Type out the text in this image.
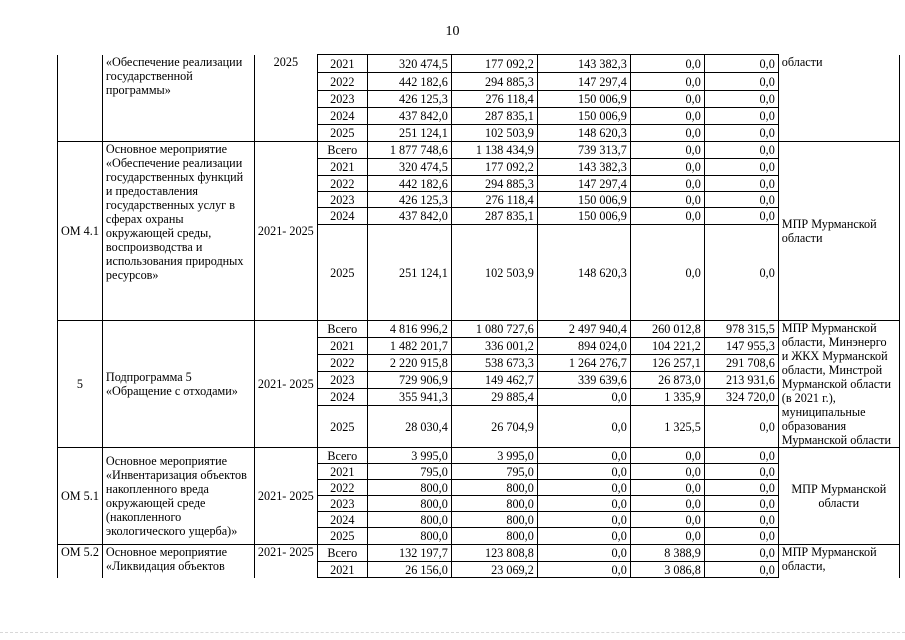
10
	«Обеспечение реализации государственной программы»	2025	2021	320 474,5	177 092,2	143 382,3	0,0	0,0	области
			2022	442 182,6	294 885,3	147 297,4	0,0	0,0	
			2023	426 125,3	276 118,4	150 006,9	0,0	0,0	
			2024	437 842,0	287 835,1	150 006,9	0,0	0,0	
			2025	251 124,1	102 503,9	148 620,3	0,0	0,0	
ОМ 4.1	Основное мероприятие «Обеспечение реализации государственных функций и предоставления государственных услуг в сферах охраны окружающей среды, воспроизводства и использования природных ресурсов»	2021- 2025	Всего	1 877 748,6	1 138 434,9	739 313,7	0,0	0,0	МПР Мурманской области
			2021	320 474,5	177 092,2	143 382,3	0,0	0,0	
			2022	442 182,6	294 885,3	147 297,4	0,0	0,0	
			2023	426 125,3	276 118,4	150 006,9	0,0	0,0	
			2024	437 842,0	287 835,1	150 006,9	0,0	0,0	
			2025	251 124,1	102 503,9	148 620,3	0,0	0,0	
5	Подпрограмма 5 «Обращение с отходами»	2021- 2025	Всего	4 816 996,2	1 080 727,6	2 497 940,4	260 012,8	978 315,5	МПР Мурманской области, Минэнерго и ЖКХ Мурманской области, Минстрой Мурманской области (в 2021 г.), муниципальные образования Мурманской области
			2021	1 482 201,7	336 001,2	894 024,0	104 221,2	147 955,3	
			2022	2 220 915,8	538 673,3	1 264 276,7	126 257,1	291 708,6	
			2023	729 906,9	149 462,7	339 639,6	26 873,0	213 931,6	
			2024	355 941,3	29 885,4	0,0	1 335,9	324 720,0	
			2025	28 030,4	26 704,9	0,0	1 325,5	0,0	
ОМ 5.1	Основное мероприятие «Инвентаризация объектов накопленного вреда окружающей среде (накопленного экологического ущерба)»	2021- 2025	Всего	3 995,0	3 995,0	0,0	0,0	0,0	МПР Мурманской области
			2021	795,0	795,0	0,0	0,0	0,0	
			2022	800,0	800,0	0,0	0,0	0,0	
			2023	800,0	800,0	0,0	0,0	0,0	
			2024	800,0	800,0	0,0	0,0	0,0	
			2025	800,0	800,0	0,0	0,0	0,0	
ОМ 5.2	Основное мероприятие «Ликвидация объектов	2021- 2025	Всего	132 197,7	123 808,8	0,0	8 388,9	0,0	МПР Мурманской области,
			2021	26 156,0	23 069,2	0,0	3 086,8	0,0	
